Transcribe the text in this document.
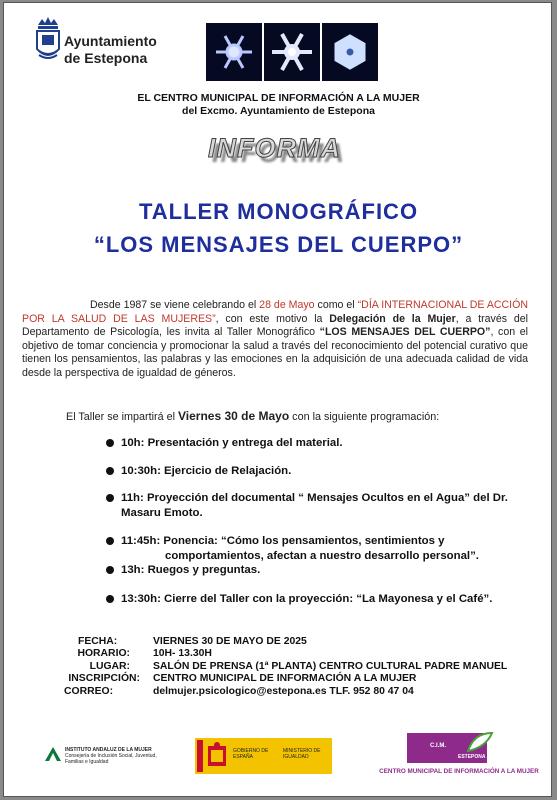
Ayuntamiento
de Estepona
EL CENTRO MUNICIPAL DE INFORMACIÓN A LA MUJER
del Excmo. Ayuntamiento de Estepona
INFORMA
TALLER MONOGRÁFICO
“LOS MENSAJES DEL CUERPO”
Desde 1987 se viene celebrando el 28 de Mayo como el “DÍA INTERNACIONAL DE ACCIÓN POR LA SALUD DE LAS MUJERES”, con este motivo la Delegación de la Mujer, a través del Departamento de Psicología, les invita al Taller Monográfico “LOS MENSAJES DEL CUERPO”, con el objetivo de tomar conciencia y promocionar la salud a través del reconocimiento del potencial curativo que tienen los pensamientos, las palabras y las emociones en la adquisición de una adecuada calidad de vida desde la perspectiva de igualdad de géneros.
El Taller se impartirá el Viernes 30 de Mayo con la siguiente programación:
10h: Presentación y entrega del material.
10:30h: Ejercicio de Relajación.
11h: Proyección del documental “ Mensajes Ocultos en el Agua” del Dr. Masaru Emoto.
11:45h: Ponencia: “Cómo los pensamientos, sentimientos y comportamientos, afectan a nuestro desarrollo personal”.
13h: Ruegos y preguntas.
13:30h: Cierre del Taller con la proyección: “La Mayonesa y el Café”.
FECHA:	VIERNES 30 DE MAYO DE 2025
HORARIO: 10H- 13.30H
LUGAR: SALÓN DE PRENSA (1ª PLANTA) CENTRO CULTURAL PADRE MANUEL
INSCRIPCIÓN: CENTRO MUNICIPAL DE INFORMACIÓN A LA MUJER
CORREO:	delmujer.psicologico@estepona.es TLF. 952 80 47 04
INSTITUTO ANDALUZ DE LA MUJER
Consejería de Inclusión Social, Juventud, Familias e Igualdad
GOBIERNO DE ESPAÑA
MINISTERIO DE IGUALDAD
C.I.M.
ESTEPONA
CENTRO MUNICIPAL DE INFORMACIÓN A LA MUJER
